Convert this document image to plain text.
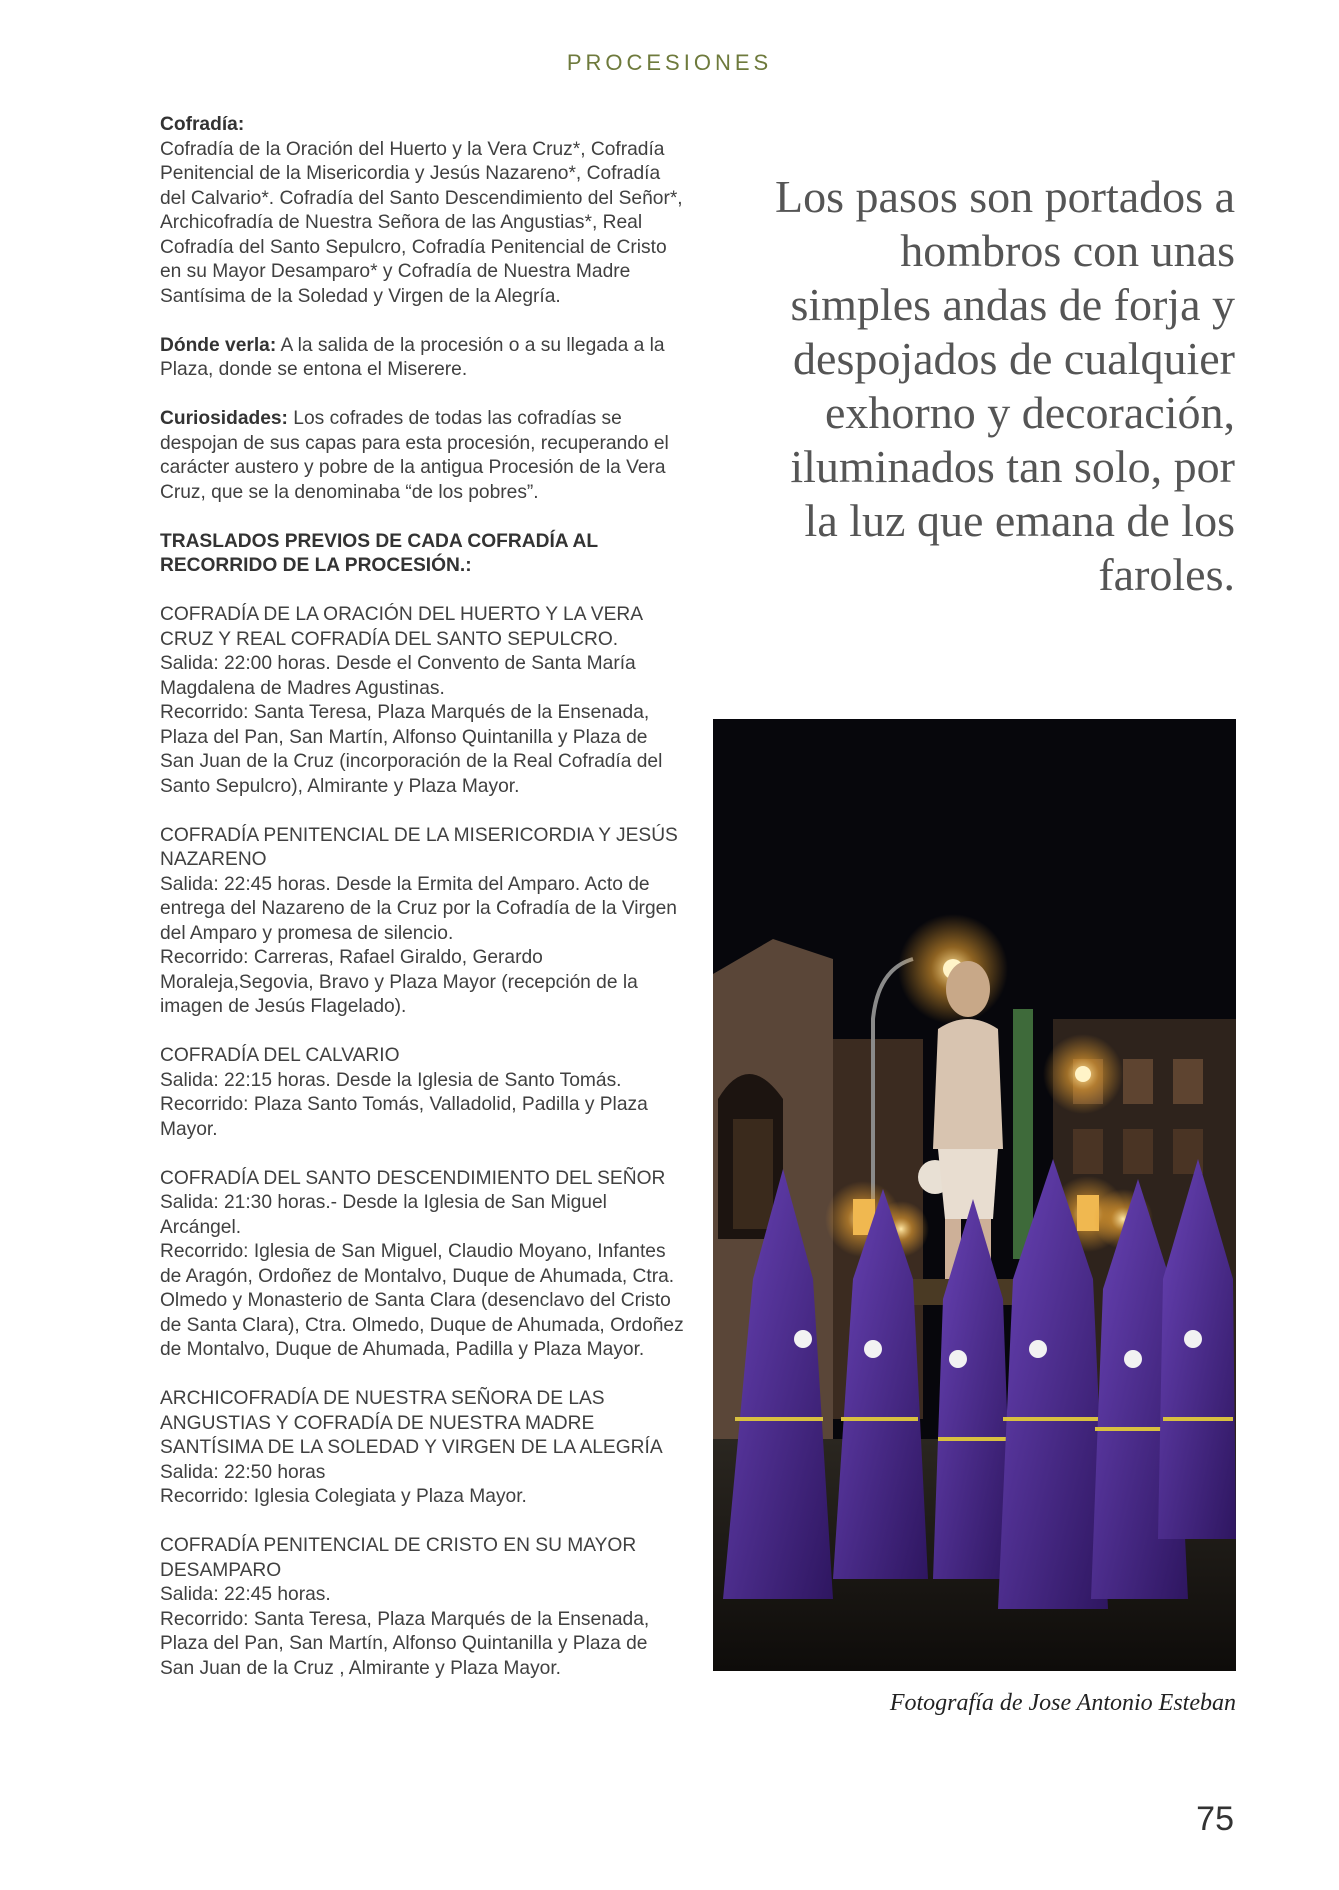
PROCESIONES

Cofradía:
Cofradía de la Oración del Huerto y la Vera Cruz*, Cofradía Penitencial de la Misericordia y Jesús Nazareno*, Cofradía del Calvario*. Cofradía del Santo Descendimiento del Señor*, Archicofradía de Nuestra Señora de las Angustias*, Real Cofradía del Santo Sepulcro, Cofradía Penitencial de Cristo en su Mayor Desamparo* y Cofradía de Nuestra Madre Santísima de la Soledad y Virgen de la Alegría.

Dónde verla: A la salida de la procesión o a su llegada a la Plaza, donde se entona el Miserere.

Curiosidades: Los cofrades de todas las cofradías se despojan de sus capas para esta procesión, recuperando el carácter austero y pobre de la antigua Procesión de la Vera Cruz, que se la denominaba “de los pobres”.

TRASLADOS PREVIOS DE CADA COFRADÍA AL RECORRIDO DE LA PROCESIÓN.:

COFRADÍA DE LA ORACIÓN DEL HUERTO Y LA VERA CRUZ Y REAL COFRADÍA DEL SANTO SEPULCRO.
Salida: 22:00 horas. Desde el Convento de Santa María Magdalena de Madres Agustinas.
Recorrido: Santa Teresa, Plaza Marqués de la Ensenada, Plaza del Pan, San Martín, Alfonso Quintanilla y Plaza de San Juan de la Cruz (incorporación de la Real Cofradía del Santo Sepulcro), Almirante y Plaza Mayor.

COFRADÍA PENITENCIAL DE LA MISERICORDIA Y JESÚS NAZARENO
Salida: 22:45 horas. Desde la Ermita del Amparo. Acto de entrega del Nazareno de la Cruz por la Cofradía de la Virgen del Amparo y promesa de silencio.
Recorrido: Carreras, Rafael Giraldo, Gerardo Moraleja,Segovia, Bravo y Plaza Mayor (recepción de la imagen de Jesús Flagelado).

COFRADÍA DEL CALVARIO
Salida: 22:15 horas. Desde la Iglesia de Santo Tomás.
Recorrido: Plaza Santo Tomás, Valladolid, Padilla y Plaza Mayor.

COFRADÍA DEL SANTO DESCENDIMIENTO DEL SEÑOR
Salida: 21:30 horas.- Desde la Iglesia de San Miguel Arcángel.
Recorrido: Iglesia de San Miguel, Claudio Moyano, Infantes de Aragón, Ordoñez de Montalvo, Duque de Ahumada, Ctra. Olmedo y Monasterio de Santa Clara (desenclavo del Cristo de Santa Clara), Ctra. Olmedo, Duque de Ahumada, Ordoñez de Montalvo, Duque de Ahumada, Padilla y Plaza Mayor.

ARCHICOFRADÍA DE NUESTRA SEÑORA DE LAS ANGUSTIAS Y COFRADÍA DE NUESTRA MADRE SANTÍSIMA DE LA SOLEDAD Y VIRGEN DE LA ALEGRÍA
Salida: 22:50 horas
Recorrido: Iglesia Colegiata y Plaza Mayor.

COFRADÍA PENITENCIAL DE CRISTO EN SU MAYOR DESAMPARO
Salida: 22:45 horas.
Recorrido: Santa Teresa, Plaza Marqués de la Ensenada, Plaza del Pan, San Martín, Alfonso Quintanilla y Plaza de San Juan de la Cruz , Almirante y Plaza Mayor.

Los pasos son portados a hombros con unas simples andas de forja y despojados de cualquier exhorno y decoración, iluminados tan solo, por la luz que emana de los faroles.
Fotografía de Jose Antonio Esteban
75
